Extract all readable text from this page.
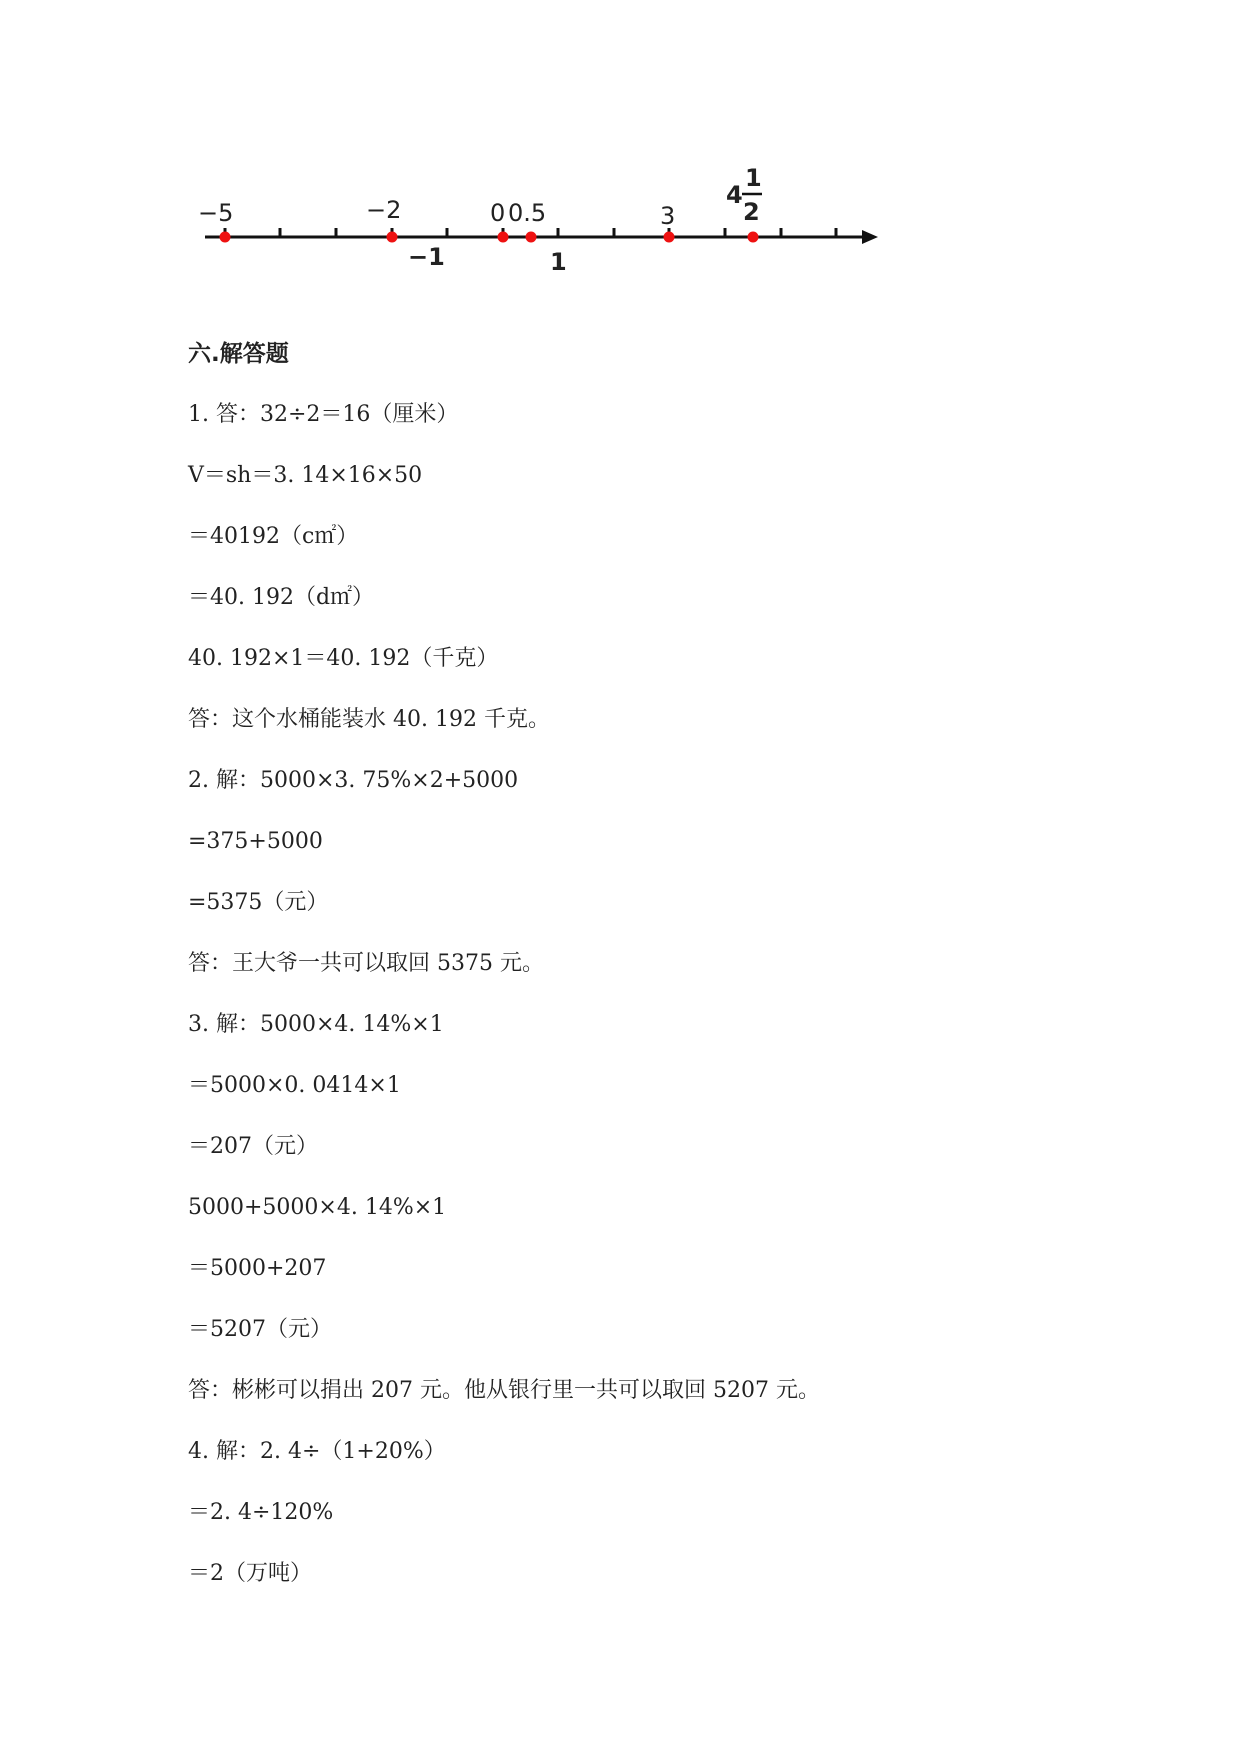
−5	−2	0 0.5	3
−1	1
4
1
2
六.解答题
1. 答：32÷2＝16（厘米）
V＝sh＝3. 14×16×50
＝40192（c㎡）
＝40. 192（d㎡）
40. 192×1＝40. 192（千克）
答：这个水桶能装水 40. 192 千克。
2. 解：5000×3. 75%×2+5000
=375+5000
=5375（元）
答：王大爷一共可以取回 5375 元。
3. 解：5000×4. 14%×1
＝5000×0. 0414×1
＝207（元）
5000+5000×4. 14%×1
＝5000+207
＝5207（元）
答：彬彬可以捐出 207 元。他从银行里一共可以取回 5207 元。
4. 解：2. 4÷（1+20%）
＝2. 4÷120%
＝2（万吨）
